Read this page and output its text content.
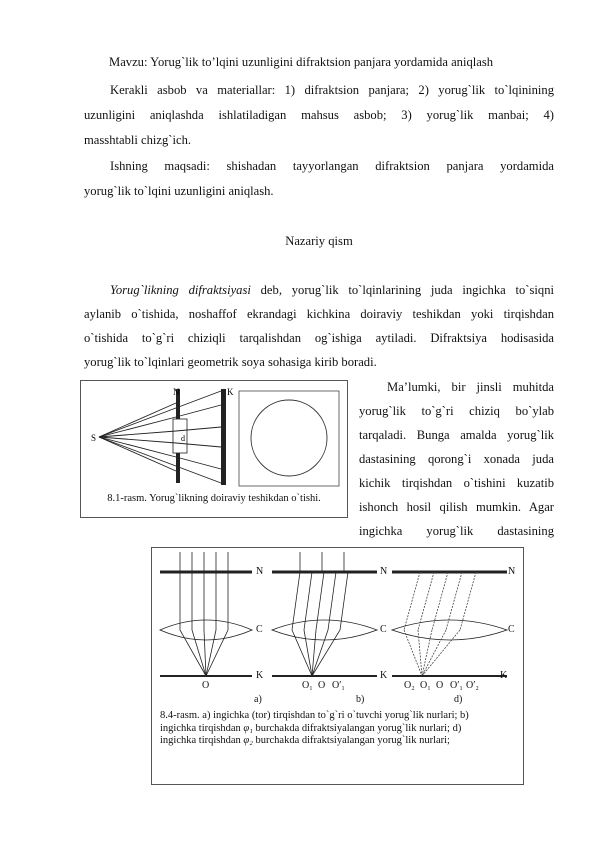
Mavzu: Yorug`lik to’lqini uzunligini difraktsion panjara yordamida aniqlash

Kerakli asbob va materiallar: 1) difraktsion panjara; 2) yorug`lik to`lqinining

uzunligini aniqlashda ishlatiladigan mahsus asbob; 3) yorug`lik manbai; 4)

masshtabli chizg`ich.

Ishning maqsadi: shishadan tayyorlangan difraktsion panjara yordamida

yorug`lik to`lqini uzunligini aniqlash.

Nazariy qism

Yorug`likning difraktsiyasi deb, yorug`lik to`lqinlarining juda ingichka to`siqni

aylanib o`tishida, noshaffof ekrandagi kichkina doiraviy teshikdan yoki tirqishdan

o`tishida to`g`ri chiziqli tarqalishdan og`ishiga aytiladi. Difraktsiya hodisasida

yorug`lik to`lqinlari geometrik soya sohasiga kirib boradi.

Ma’lumki, bir jinsli muhitda

yorug`lik to`g`ri chiziq bo`ylab

tarqaladi. Bunga amalda yorug`lik

dastasining qorong`i xonada juda

kichik tirqishdan o`tishini kuzatib

ishonch hosil qilish mumkin. Agar

ingichka yorug`lik dastasining

S
N	K
d
8.1-rasm. Yorug`likning doiraviy teshikdan o`tishi.
N
C
K
N
C
K
N
C
K
O	O₁ O O′₁	O₂ O₁ O O′₁ O′₂
a)	b)	d)
8.4-rasm. a) ingichka (tor) tirqishdan to`g`ri o`tuvchi yorug`lik nurlari; b)
ingichka tirqishdan φ₁ burchakda difraktsiyalangan yorug`lik nurlari; d)
ingichka tirqishdan φ₂ burchakda difraktsiyalangan yorug`lik nurlari;
